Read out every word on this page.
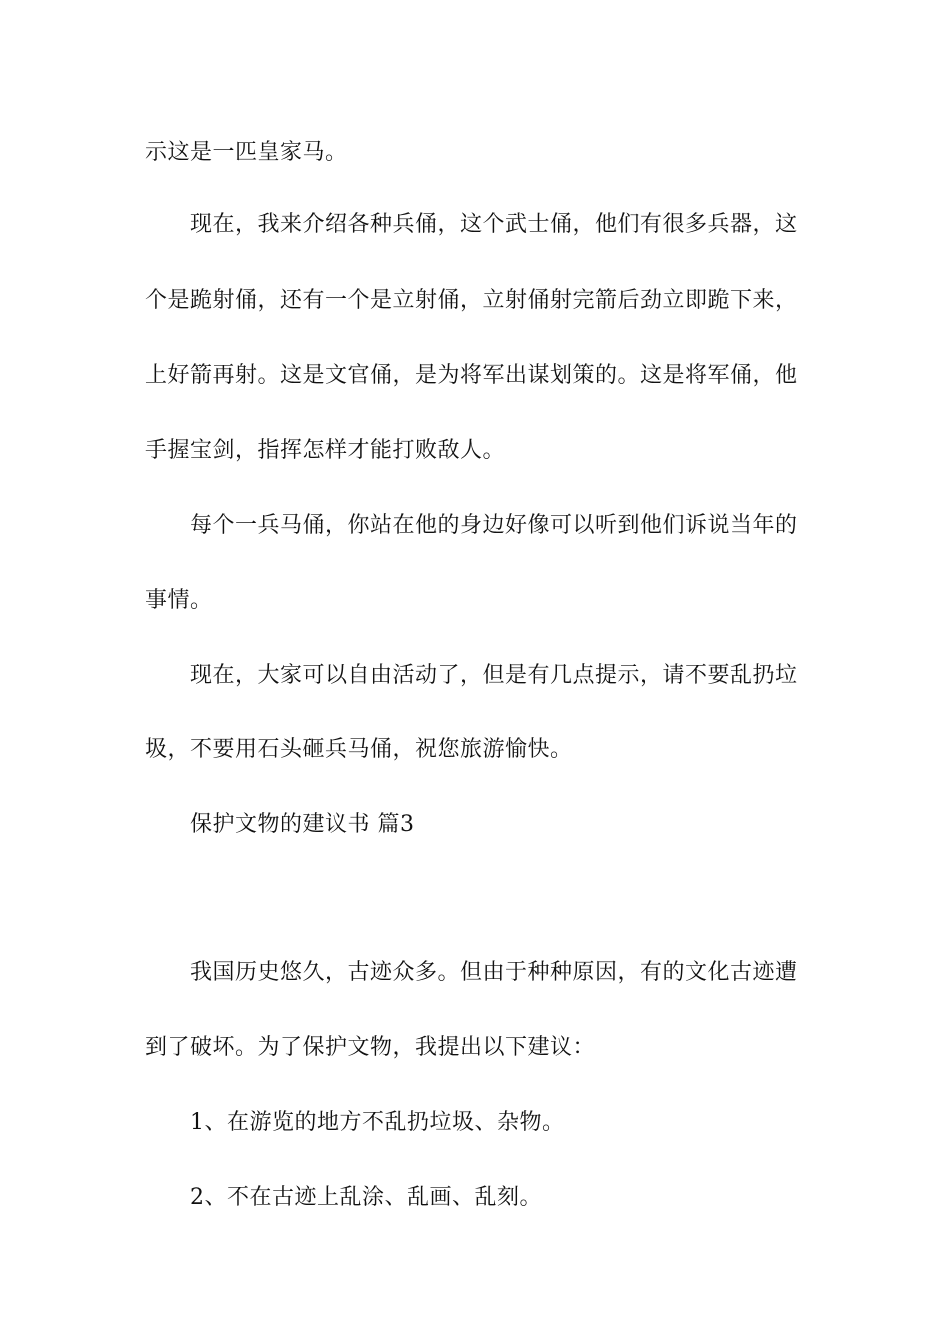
示这是一匹皇家马。
现在，我来介绍各种兵俑，这个武士俑，他们有很多兵器，这
个是跪射俑，还有一个是立射俑，立射俑射完箭后劲立即跪下来，
上好箭再射。这是文官俑，是为将军出谋划策的。这是将军俑，他
手握宝剑，指挥怎样才能打败敌人。
每个一兵马俑，你站在他的身边好像可以听到他们诉说当年的
事情。
现在，大家可以自由活动了，但是有几点提示，请不要乱扔垃
圾，不要用石头砸兵马俑，祝您旅游愉快。
保护文物的建议书 篇3
我国历史悠久，古迹众多。但由于种种原因，有的文化古迹遭
到了破坏。为了保护文物，我提出以下建议：
1、在游览的地方不乱扔垃圾、杂物。
2、不在古迹上乱涂、乱画、乱刻。
